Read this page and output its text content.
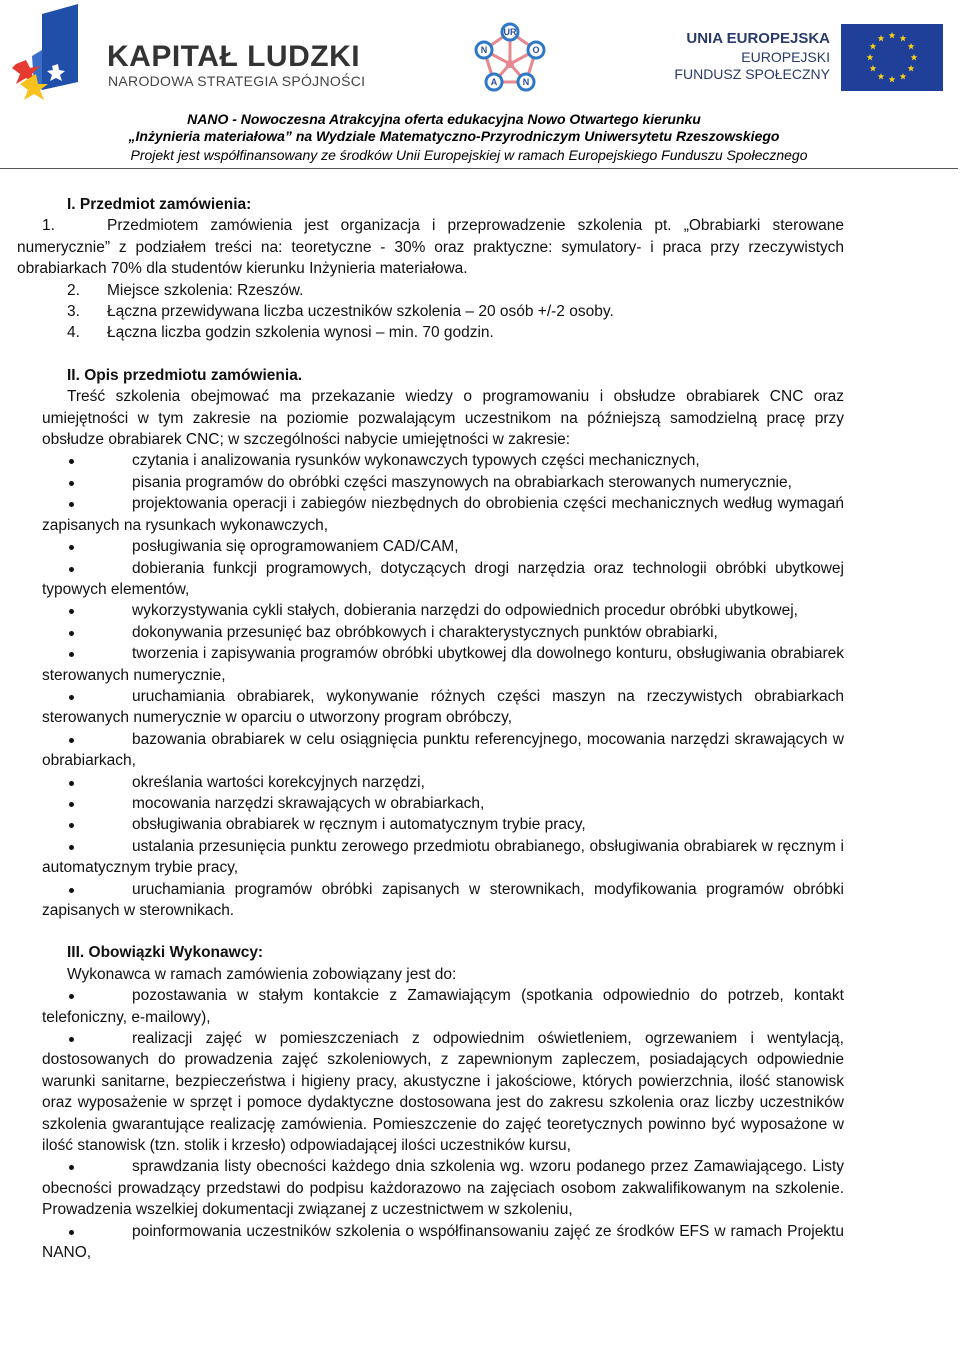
KAPITAŁ LUDZKI
NARODOWA STRATEGIA SPÓJNOŚCI
UR
N	O
A	N
UNIA EUROPEJSKA
EUROPEJSKI
FUNDUSZ SPOŁECZNY
NANO - Nowoczesna Atrakcyjna oferta edukacyjna Nowo Otwartego kierunku
„Inżynieria materiałowa” na Wydziale Matematyczno-Przyrodniczym Uniwersytetu Rzeszowskiego
Projekt jest współfinansowany ze środków Unii Europejskiej w ramach Europejskiego Funduszu Społecznego
I. Przedmiot zamówienia:
1.	Przedmiotem zamówienia jest organizacja i przeprowadzenie szkolenia pt. „Obrabiarki sterowane numerycznie” z podziałem treści na: teoretyczne - 30% oraz praktyczne: symulatory- i praca przy rzeczywistych obrabiarkach 70% dla studentów kierunku Inżynieria materiałowa.
2. Miejsce szkolenia: Rzeszów.
3. Łączna przewidywana liczba uczestników szkolenia – 20 osób +/-2 osoby.
4. Łączna liczba godzin szkolenia wynosi – min. 70 godzin.
II. Opis przedmiotu zamówienia.
Treść szkolenia obejmować ma przekazanie wiedzy o programowaniu i obsłudze obrabiarek CNC oraz umiejętności w tym zakresie na poziomie pozwalającym uczestnikom na późniejszą samodzielną pracę przy obsłudze obrabiarek CNC; w szczególności nabycie umiejętności w zakresie:
czytania i analizowania rysunków wykonawczych typowych części mechanicznych,
pisania programów do obróbki części maszynowych na obrabiarkach sterowanych numerycznie,
projektowania operacji i zabiegów niezbędnych do obrobienia części mechanicznych według wymagań zapisanych na rysunkach wykonawczych,
posługiwania się oprogramowaniem CAD/CAM,
dobierania funkcji programowych, dotyczących drogi narzędzia oraz technologii obróbki ubytkowej typowych elementów,
wykorzystywania cykli stałych, dobierania narzędzi do odpowiednich procedur obróbki ubytkowej,
dokonywania przesunięć baz obróbkowych i charakterystycznych punktów obrabiarki,
tworzenia i zapisywania programów obróbki ubytkowej dla dowolnego konturu, obsługiwania obrabiarek sterowanych numerycznie,
uruchamiania obrabiarek, wykonywanie różnych części maszyn na rzeczywistych obrabiarkach sterowanych numerycznie w oparciu o utworzony program obróbczy,
bazowania obrabiarek w celu osiągnięcia punktu referencyjnego, mocowania narzędzi skrawających w obrabiarkach,
określania wartości korekcyjnych narzędzi,
mocowania narzędzi skrawających w obrabiarkach,
obsługiwania obrabiarek w ręcznym i automatycznym trybie pracy,
ustalania przesunięcia punktu zerowego przedmiotu obrabianego, obsługiwania obrabiarek w ręcznym i automatycznym trybie pracy,
uruchamiania programów obróbki zapisanych w sterownikach, modyfikowania programów obróbki zapisanych w sterownikach.
III. Obowiązki Wykonawcy:
Wykonawca w ramach zamówienia zobowiązany jest do:
pozostawania w stałym kontakcie z Zamawiającym (spotkania odpowiednio do potrzeb, kontakt telefoniczny, e-mailowy),
realizacji zajęć w pomieszczeniach z odpowiednim oświetleniem, ogrzewaniem i wentylacją, dostosowanych do prowadzenia zajęć szkoleniowych, z zapewnionym zapleczem, posiadających odpowiednie warunki sanitarne, bezpieczeństwa i higieny pracy, akustyczne i jakościowe, których powierzchnia, ilość stanowisk oraz wyposażenie w sprzęt i pomoce dydaktyczne dostosowana jest do zakresu szkolenia oraz liczby uczestników szkolenia gwarantujące realizację zamówienia. Pomieszczenie do zajęć teoretycznych powinno być wyposażone w ilość stanowisk (tzn. stolik i krzesło) odpowiadającej ilości uczestników kursu,
sprawdzania listy obecności każdego dnia szkolenia wg. wzoru podanego przez Zamawiającego. Listy obecności prowadzący przedstawi do podpisu każdorazowo na zajęciach osobom zakwalifikowanym na szkolenie. Prowadzenia wszelkiej dokumentacji związanej z uczestnictwem w szkoleniu,
poinformowania uczestników szkolenia o współfinansowaniu zajęć ze środków EFS w ramach Projektu NANO,
